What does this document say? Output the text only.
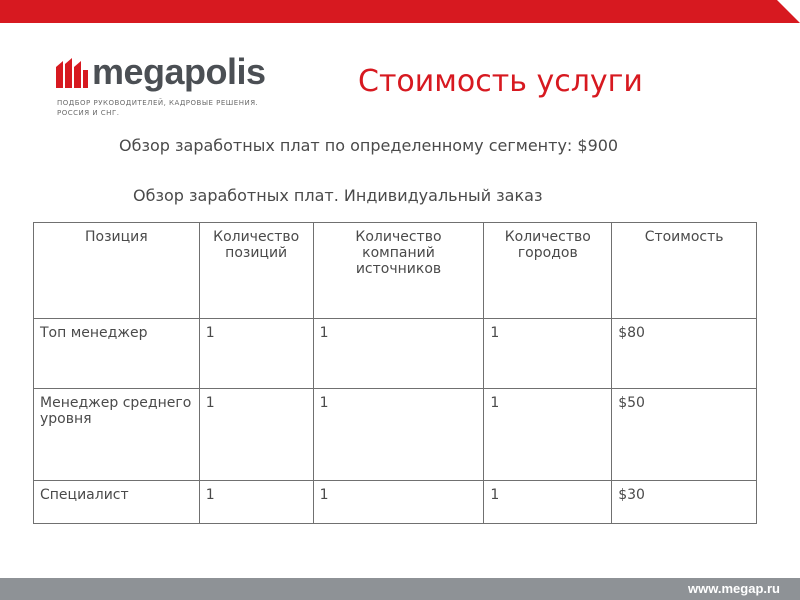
megapolis
ПОДБОР РУКОВОДИТЕЛЕЙ, КАДРОВЫЕ РЕШЕНИЯ. РОССИЯ И СНГ.
Стоимость услуги
Обзор заработных плат по определенному сегменту: $900
Обзор заработных плат. Индивидуальный заказ
Позиция	Количество позиций	Количество компаний источников	Количество городов	Стоимость
Топ менеджер	1	1	1	$80
Менеджер среднего уровня	1	1	1	$50
Специалист	1	1	1	$30
www.megap.ru
